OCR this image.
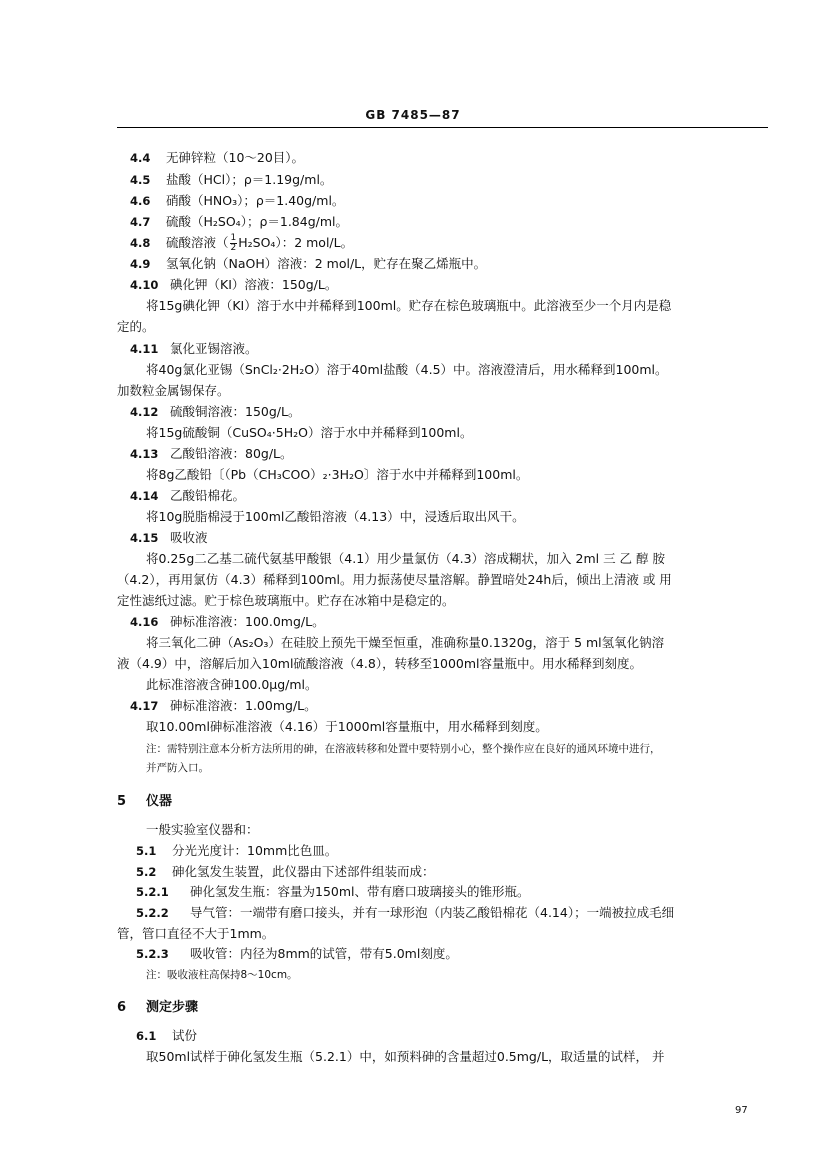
GB 7485—87
4.4 无砷锌粒（10～20目）。
4.5 盐酸（HCl）；ρ＝1.19g/ml。
4.6 硝酸（HNO₃）；ρ＝1.40g/ml。
4.7 硫酸（H₂SO₄）；ρ＝1.84g/ml。
4.8 硫酸溶液（ $\frac{1}{2} H_2SO_4$）：2 mol/L。
4.9 氢氧化钠（NaOH）溶液：2 mol/L，贮存在聚乙烯瓶中。
4.10 碘化钾（KI）溶液：150g/L。
将15g碘化钾（KI）溶于水中并稀释到100ml。贮存在棕色玻璃瓶中。此溶液至少一个月内是稳
定的。
4.11 氯化亚锡溶液。
将40g氯化亚锡（SnCl₂·2H₂O）溶于40ml盐酸（4.5）中。溶液澄清后，用水稀释到100ml。
加数粒金属锡保存。
4.12 硫酸铜溶液：150g/L。
将15g硫酸铜（CuSO₄·5H₂O）溶于水中并稀释到100ml。
4.13 乙酸铅溶液：80g/L。
将8g乙酸铅〔（Pb（CH₃COO）₂·3H₂O〕溶于水中并稀释到100ml。
4.14 乙酸铅棉花。
将10g脱脂棉浸于100ml乙酸铅溶液（4.13）中，浸透后取出风干。
4.15 吸收液
将0.25g二乙基二硫代氨基甲酸银（4.1）用少量氯仿（4.3）溶成糊状，加入 2ml 三 乙 醇 胺
（4.2），再用氯仿（4.3）稀释到100ml。用力振荡使尽量溶解。静置暗处24h后，倾出上清液 或 用
定性滤纸过滤。贮于棕色玻璃瓶中。贮存在冰箱中是稳定的。
4.16 砷标准溶液：100.0mg/L。
将三氧化二砷（As₂O₃）在硅胶上预先干燥至恒重，准确称量0.1320g，溶于 5 ml氢氧化钠溶
液（4.9）中，溶解后加入10ml硫酸溶液（4.8），转移至1000ml容量瓶中。用水稀释到刻度。
此标准溶液含砷100.0μg/ml。
4.17 砷标准溶液：1.00mg/L。
取10.00ml砷标准溶液（4.16）于1000ml容量瓶中，用水稀释到刻度。
注：需特别注意本分析方法所用的砷，在溶液转移和处置中要特别小心，整个操作应在良好的通风环境中进行，
并严防入口。
5 仪器
一般实验室仪器和：
5.1 分光光度计：10mm比色皿。
5.2 砷化氢发生装置，此仪器由下述部件组装而成：
5.2.1 砷化氢发生瓶：容量为150ml、带有磨口玻璃接头的锥形瓶。
5.2.2 导气管：一端带有磨口接头，并有一球形泡（内装乙酸铅棉花（4.14）；一端被拉成毛细
管，管口直径不大于1mm。
5.2.3 吸收管：内径为8mm的试管，带有5.0ml刻度。
注：吸收液柱高保持8～10cm。
6 测定步骤
6.1 试份
取50ml试样于砷化氢发生瓶（5.2.1）中，如预料砷的含量超过0.5mg/L，取适量的试样， 并
97
